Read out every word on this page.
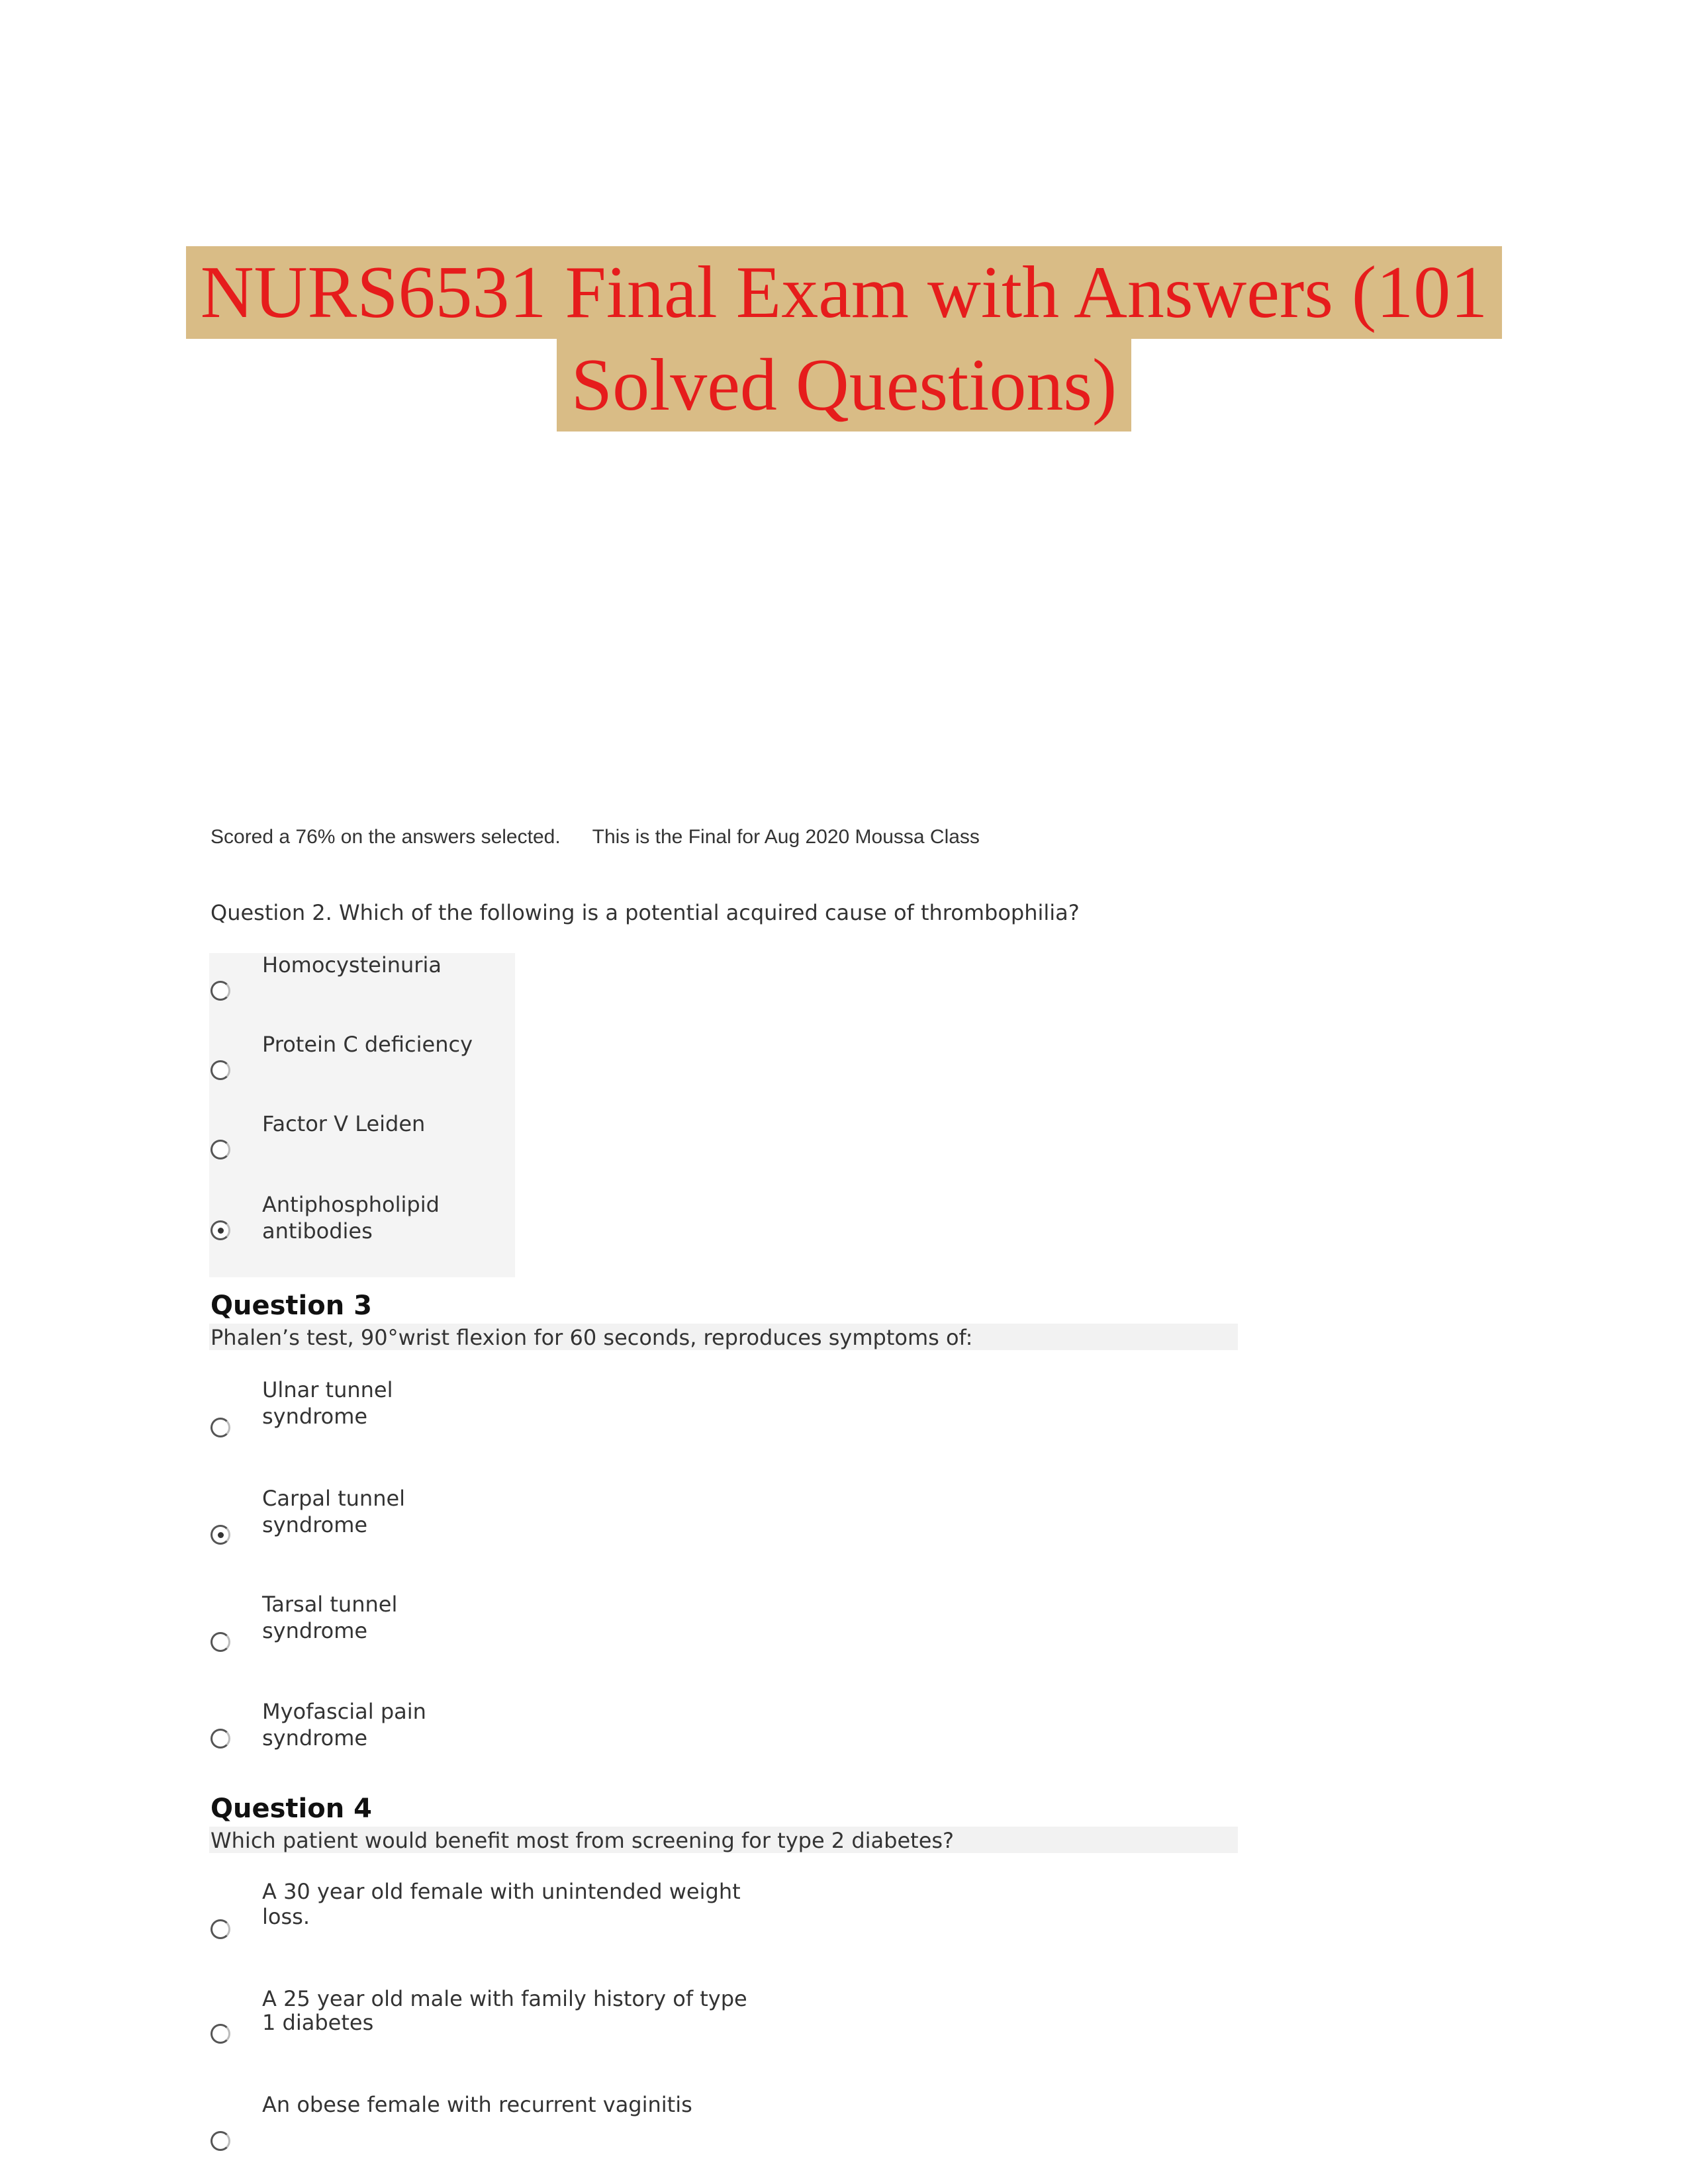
NURS6531 Final Exam with Answers (101
Solved Questions)
Scored a 76% on the answers selected. This is the Final for Aug 2020 Moussa Class
Question 2. Which of the following is a potential acquired cause of thrombophilia?
Homocysteinuria
Protein C deficiency
Factor V Leiden
Antiphospholipid
antibodies
Question 3
Phalen’s test, 90°wrist flexion for 60 seconds, reproduces symptoms of:
Ulnar tunnel
syndrome
Carpal tunnel
syndrome
Tarsal tunnel
syndrome
Myofascial pain
syndrome
Question 4
Which patient would benefit most from screening for type 2 diabetes?
A 30 year old female with unintended weight
loss.
A 25 year old male with family history of type
1 diabetes
An obese female with recurrent vaginitis
